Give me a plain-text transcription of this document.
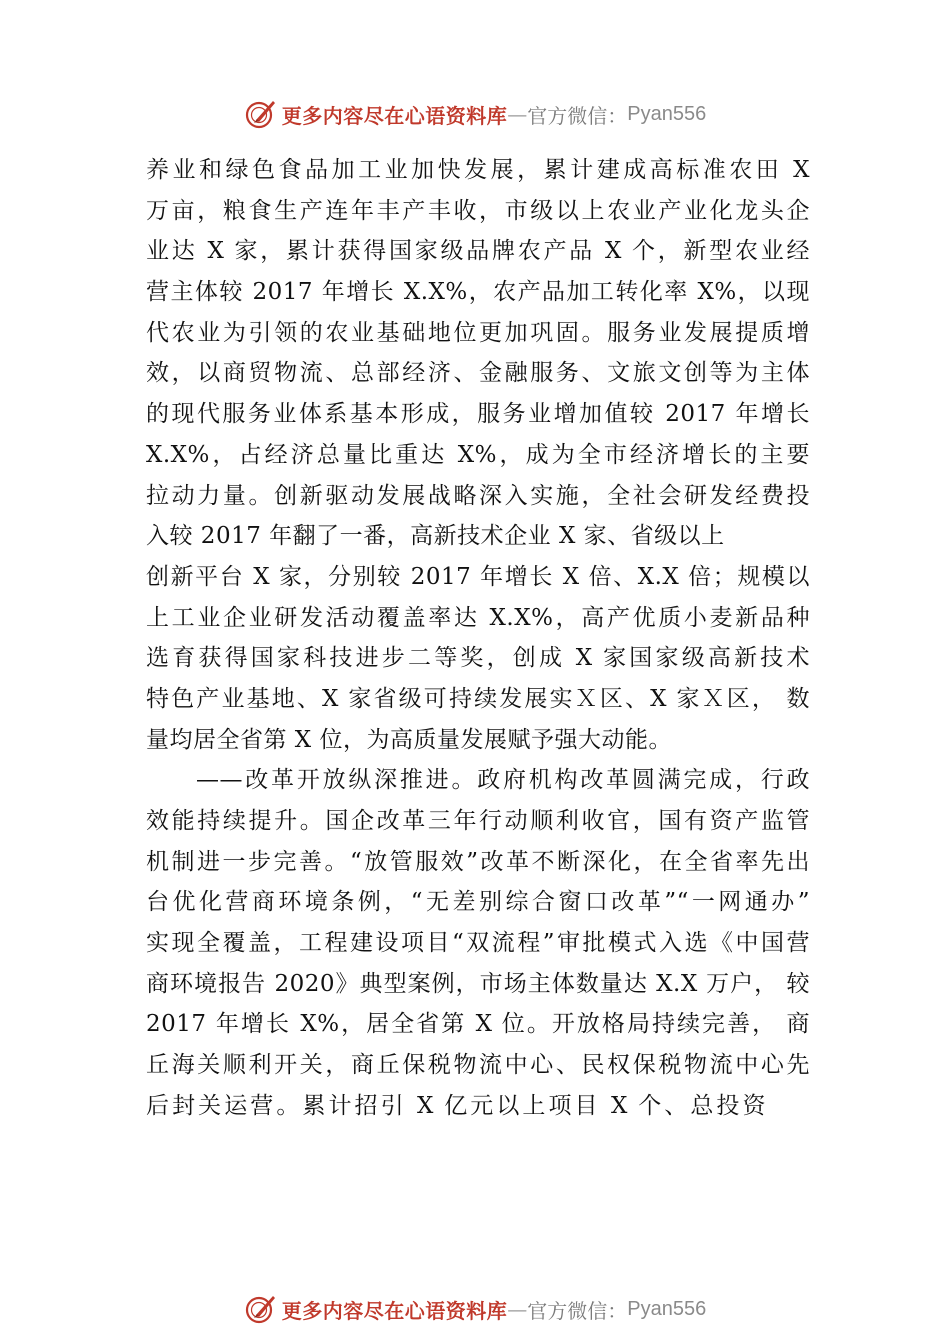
更多内容尽在心语资料库 — 官方微信： Pyan556
养业和绿色食品加工业加快发展，累计建成高标准农田 X
万亩，粮食生产连年丰产丰收，市级以上农业产业化龙头企
业达 X 家，累计获得国家级品牌农产品 X 个，新型农业经
营主体较 2017 年增长 X.X%，农产品加工转化率 X%，以现
代农业为引领的农业基础地位更加巩固。服务业发展提质增
效，以商贸物流、总部经济、金融服务、文旅文创等为主体
的现代服务业体系基本形成，服务业增加值较 2017 年增长
X.X%，占经济总量比重达 X%，成为全市经济增长的主要
拉动力量。创新驱动发展战略深入实施，全社会研发经费投
入较 2017 年翻了一番，高新技术企业 X 家、省级以上
创新平台 X 家，分别较 2017 年增长 X 倍、X.X 倍；规模以
上工业企业研发活动覆盖率达 X.X%，高产优质小麦新品种
选育获得国家科技进步二等奖，创成 X 家国家级高新技术
特色产业基地、X 家省级可持续发展实Ｘ区、X 家Ｘ区， 数
量均居全省第 X 位，为高质量发展赋予强大动能。
——改革开放纵深推进。政府机构改革圆满完成，行政
效能持续提升。国企改革三年行动顺利收官，国有资产监管
机制进一步完善。“放管服效”改革不断深化，在全省率先出
台优化营商环境条例，“无差别综合窗口改革”“一网通办”
实现全覆盖，工程建设项目“双流程”审批模式入选《中国营
商环境报告 2020》典型案例，市场主体数量达 X.X 万户， 较
2017 年增长 X%，居全省第 X 位。开放格局持续完善， 商
丘海关顺利开关，商丘保税物流中心、民权保税物流中心先
后封关运营。累计招引 X 亿元以上项目 X 个、总投资
更多内容尽在心语资料库 — 官方微信： Pyan556
